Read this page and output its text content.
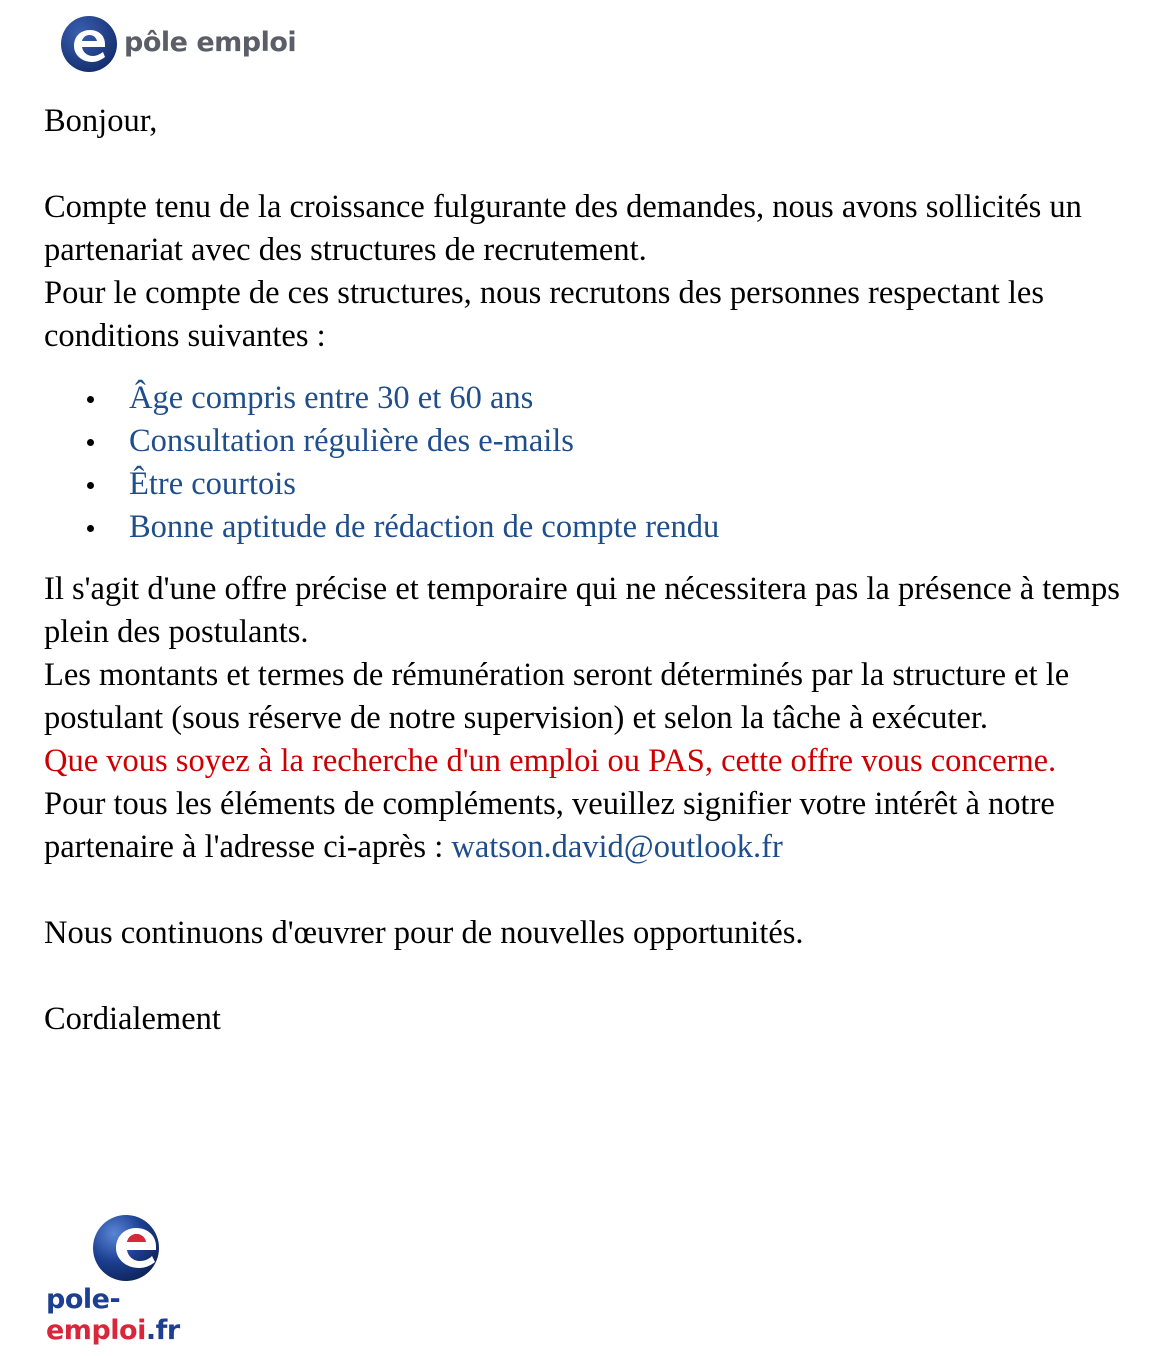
pôle emploi

Bonjour,

Compte tenu de la croissance fulgurante des demandes, nous avons sollicités un partenariat avec des structures de recrutement.

Pour le compte de ces structures, nous recrutons des personnes respectant les conditions suivantes :

Âge compris entre 30 et 60 ans
Consultation régulière des e-mails
Être courtois
Bonne aptitude de rédaction de compte rendu

Il s'agit d'une offre précise et temporaire qui ne nécessitera pas la présence à temps plein des postulants.

Les montants et termes de rémunération seront déterminés par la structure et le postulant (sous réserve de notre supervision) et selon la tâche à exécuter.

Que vous soyez à la recherche d'un emploi ou PAS, cette offre vous concerne.

Pour tous les éléments de compléments, veuillez signifier votre intérêt à notre partenaire à l'adresse ci-après : watson.david@outlook.fr

Nous continuons d'œuvrer pour de nouvelles opportunités.

Cordialement

pole-emploi.fr
